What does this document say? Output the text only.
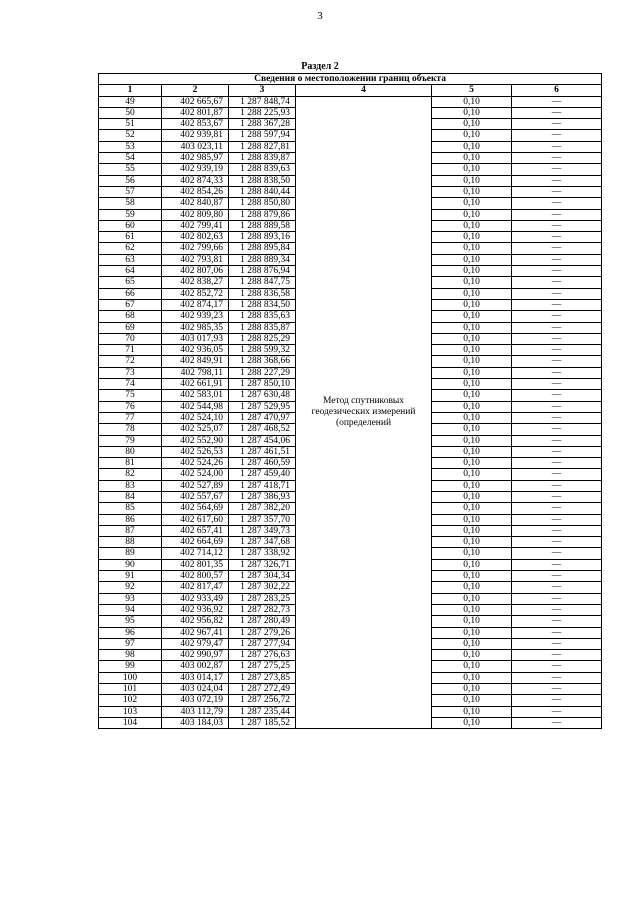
3
Раздел 2
Сведения о местоположении границ объекта					
1	2	3	4	5	6
49	402 665,67	1 287 848,74	Метод спутниковых геодезических измерений (определений	0,10	—
50	402 801,87	1 288 225,93		0,10	—
51	402 853,67	1 288 367,28		0,10	—
52	402 939,81	1 288 597,94		0,10	—
53	403 023,11	1 288 827,81		0,10	—
54	402 985,97	1 288 839,87		0,10	—
55	402 939,19	1 288 839,63		0,10	—
56	402 874,33	1 288 838,50		0,10	—
57	402 854,26	1 288 840,44		0,10	—
58	402 840,87	1 288 850,80		0,10	—
59	402 809,80	1 288 879,86		0,10	—
60	402 799,41	1 288 889,58		0,10	—
61	402 802,63	1 288 893,16		0,10	—
62	402 799,66	1 288 895,84		0,10	—
63	402 793,81	1 288 889,34		0,10	—
64	402 807,06	1 288 876,94		0,10	—
65	402 838,27	1 288 847,75		0,10	—
66	402 852,72	1 288 836,58		0,10	—
67	402 874,17	1 288 834,50		0,10	—
68	402 939,23	1 288 835,63		0,10	—
69	402 985,35	1 288 835,87		0,10	—
70	403 017,93	1 288 825,29		0,10	—
71	402 936,05	1 288 599,32		0,10	—
72	402 849,91	1 288 368,66		0,10	—
73	402 798,11	1 288 227,29		0,10	—
74	402 661,91	1 287 850,10		0,10	—
75	402 583,01	1 287 630,48		0,10	—
76	402 544,98	1 287 529,95		0,10	—
77	402 524,10	1 287 470,97		0,10	—
78	402 525,07	1 287 468,52		0,10	—
79	402 552,90	1 287 454,06		0,10	—
80	402 526,53	1 287 461,51		0,10	—
81	402 524,26	1 287 460,59		0,10	—
82	402 524,00	1 287 459,40		0,10	—
83	402 527,89	1 287 418,71		0,10	—
84	402 557,67	1 287 386,93		0,10	—
85	402 564,69	1 287 382,20		0,10	—
86	402 617,60	1 287 357,70		0,10	—
87	402 657,41	1 287 349,73		0,10	—
88	402 664,69	1 287 347,68		0,10	—
89	402 714,12	1 287 338,92		0,10	—
90	402 801,35	1 287 326,71		0,10	—
91	402 800,57	1 287 304,34		0,10	—
92	402 817,47	1 287 302,22		0,10	—
93	402 933,49	1 287 283,25		0,10	—
94	402 936,92	1 287 282,73		0,10	—
95	402 956,82	1 287 280,49		0,10	—
96	402 967,41	1 287 279,26		0,10	—
97	402 979,47	1 287 277,94		0,10	—
98	402 990,97	1 287 276,63		0,10	—
99	403 002,87	1 287 275,25		0,10	—
100	403 014,17	1 287 273,85		0,10	—
101	403 024,04	1 287 272,49		0,10	—
102	403 072,19	1 287 256,72		0,10	—
103	403 112,79	1 287 235,44		0,10	—
104	403 184,03	1 287 185,52		0,10	—
